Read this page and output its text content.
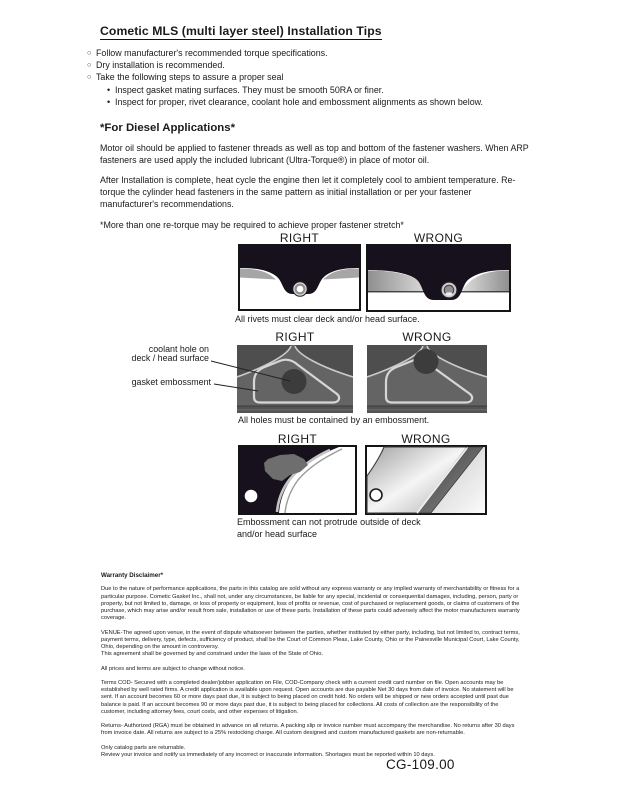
Cometic MLS (multi layer steel) Installation Tips
○ Follow manufacturer's recommended torque specifications.
○ Dry installation is recommended.
○ Take the following steps to assure a proper seal
• Inspect gasket mating surfaces. They must be smooth 50RA or finer.
• Inspect for proper, rivet clearance, coolant hole and embossment alignments as shown below.
*For Diesel Applications*

Motor oil should be applied to fastener threads as well as top and bottom of the fastener washers. When ARP fasteners are used apply the included lubricant (Ultra-Torque®) in place of motor oil.

After Installation is complete, heat cycle the engine then let it completely cool to ambient temperature. Re-torque the cylinder head fasteners in the same pattern as initial installation or per your fastener manufacturer's recommendations.

*More than one re-torque may be required to achieve proper fastener stretch*

RIGHT	WRONG
All rivets must clear deck and/or head surface.
RIGHT	WRONG
coolant hole on
deck / head surface
gasket embossment
All holes must be contained by an embossment.
RIGHT	WRONG
Embossment can not protrude outside of deck
and/or head surface
Warranty Disclaimer*

Due to the nature of performance applications, the parts in this catalog are sold without any express warranty or any implied warranty of merchantability or fitness for a particular purpose. Cometic Gasket Inc., shall not, under any circumstances, be liable for any special, incidental or consequential damages, including, person, party or property, but not limited to, damage, or loss of property or equipment, loss of profits or revenue, cost of purchased or replacement goods, or claims of customers of the purchase, which may arise and/or result from sale, installation or use of these parts. Installation of these parts could adversely affect the motor manufacturers warranty coverage.

VENUE-The agreed upon venue, in the event of dispute whatsoever between the parties, whether instituted by either party, including, but not limited to, contract terms, payment terms, delivery, type, defects, sufficiency of product, shall be the Court of Common Pleas, Lake County, Ohio or the Painesville Municipal Court, Lake County, Ohio, depending on the amount in controversy.

This agreement shall be governed by and construed under the laws of the State of Ohio.

All prices and terms are subject to change without notice.

Terms COD- Secured with a completed dealer/jobber application on File, COD-Company check with a current credit card number on file. Open accounts may be established by well rated firms. A credit application is available upon request. Open accounts are due payable Net 30 days from date of invoice. No statement will be sent. If an account becomes 60 or more days past due, it is subject to being placed on credit hold. No orders will be shipped or new orders accepted until past due balance is paid. If an account becomes 90 or more days past due, it is subject to being placed for collections. All costs of collection are the responsibility of the customer, including attorney fees, court costs, and other expenses of litigation.

Returns- Authorized (RGA) must be obtained in advance on all returns. A packing slip or invoice number must accompany the merchandise. No returns after 30 days from invoice date. All returns are subject to a 25% restocking charge. All custom designed and custom manufactured gaskets are non-returnable.

Only catalog parts are returnable.

Review your invoice and notify us immediately of any incorrect or inaccurate information. Shortages must be reported within 10 days.

CG-109.00
